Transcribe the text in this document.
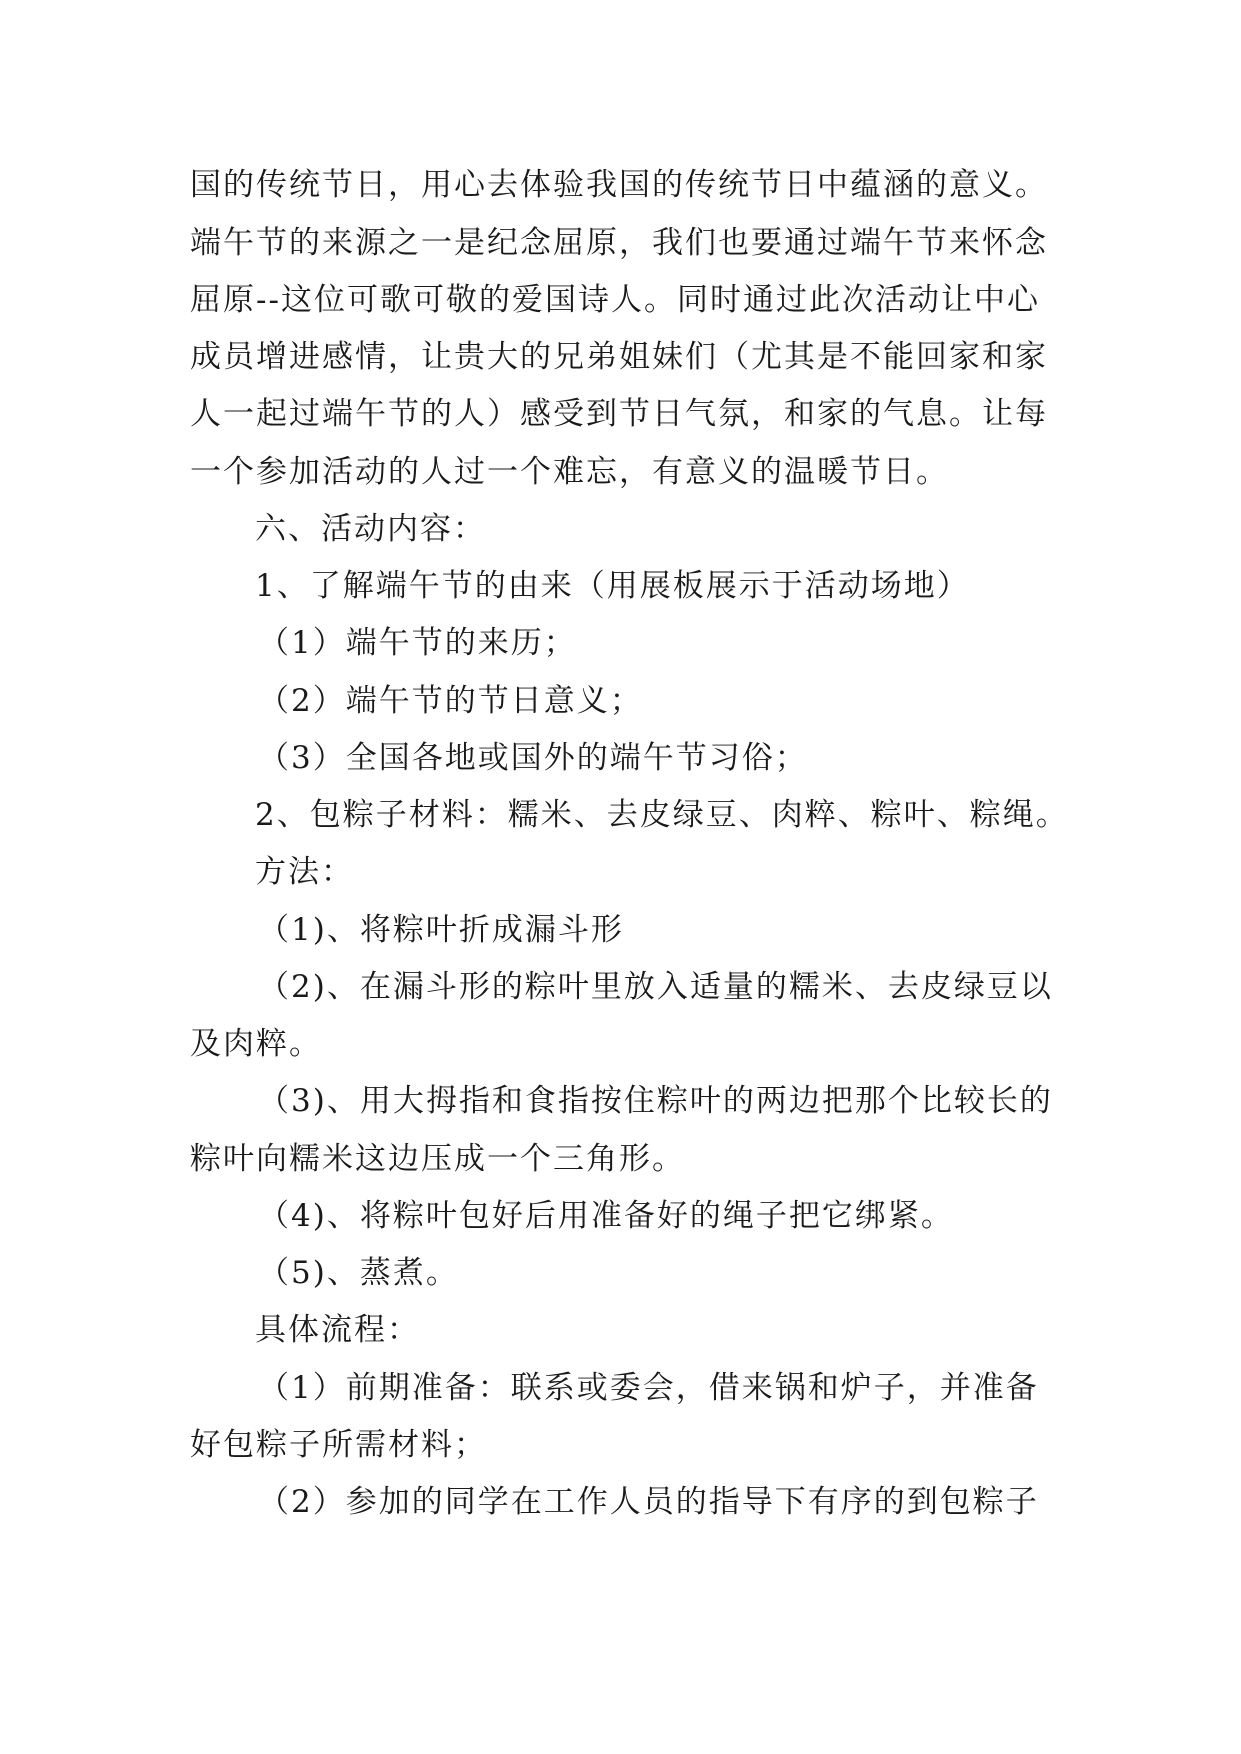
国的传统节日，用心去体验我国的传统节日中蕴涵的意义。
端午节的来源之一是纪念屈原，我们也要通过端午节来怀念
屈原--这位可歌可敬的爱国诗人。同时通过此次活动让中心
成员增进感情，让贵大的兄弟姐妹们（尤其是不能回家和家
人一起过端午节的人）感受到节日气氛，和家的气息。让每
一个参加活动的人过一个难忘，有意义的温暖节日。
六、活动内容：
1、了解端午节的由来（用展板展示于活动场地）
（1）端午节的来历；
（2）端午节的节日意义；
（3）全国各地或国外的端午节习俗；
2、包粽子材料：糯米、去皮绿豆、肉粹、粽叶、粽绳。
方法：
（1)、将粽叶折成漏斗形
（2)、在漏斗形的粽叶里放入适量的糯米、去皮绿豆以
及肉粹。
（3)、用大拇指和食指按住粽叶的两边把那个比较长的
粽叶向糯米这边压成一个三角形。
（4)、将粽叶包好后用准备好的绳子把它绑紧。
（5)、蒸煮。
具体流程：
（1）前期准备：联系或委会，借来锅和炉子，并准备
好包粽子所需材料；
（2）参加的同学在工作人员的指导下有序的到包粽子
